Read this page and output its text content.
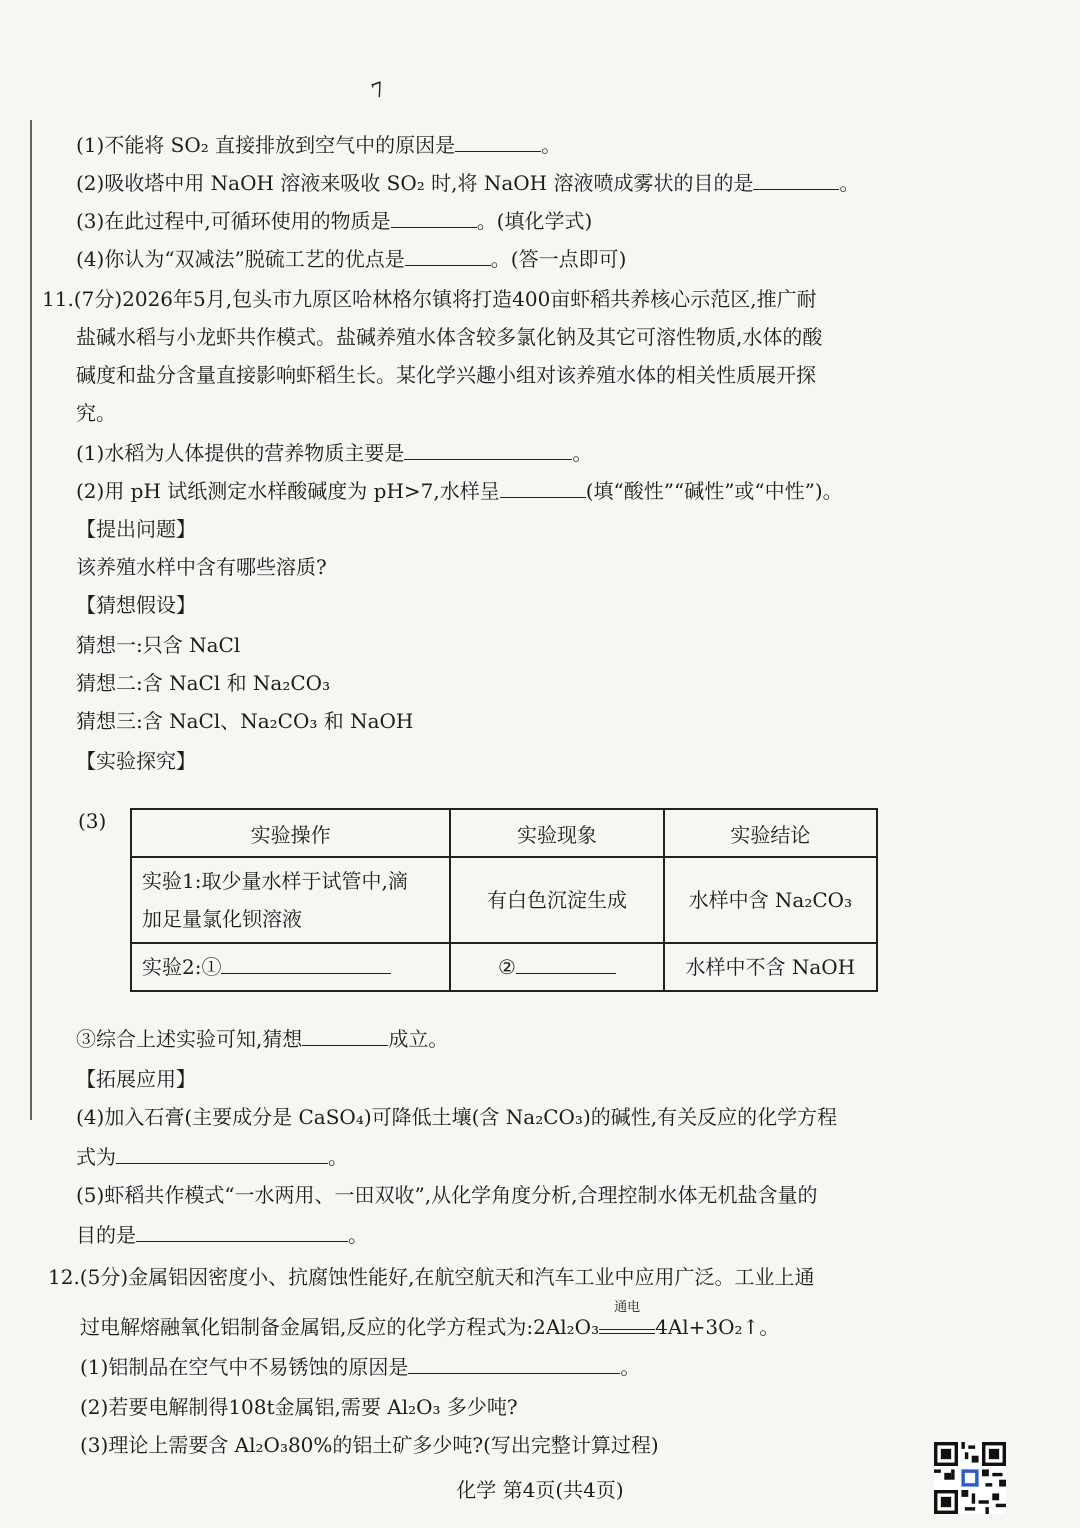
7
(1)不能将 SO₂ 直接排放到空气中的原因是	。
(2)吸收塔中用 NaOH 溶液来吸收 SO₂ 时,将 NaOH 溶液喷成雾状的目的是	。
(3)在此过程中,可循环使用的物质是	。(填化学式)
(4)你认为“双减法”脱硫工艺的优点是	。(答一点即可)
11.(7分)2026年5月,包头市九原区哈林格尔镇将打造400亩虾稻共养核心示范区,推广耐
盐碱水稻与小龙虾共作模式。盐碱养殖水体含较多氯化钠及其它可溶性物质,水体的酸
碱度和盐分含量直接影响虾稻生长。某化学兴趣小组对该养殖水体的相关性质展开探
究。
(1)水稻为人体提供的营养物质主要是	。
(2)用 pH 试纸测定水样酸碱度为 pH>7,水样呈	(填“酸性”“碱性”或“中性”)。
【提出问题】
该养殖水样中含有哪些溶质?
【猜想假设】
猜想一:只含 NaCl
猜想二:含 NaCl 和 Na₂CO₃
猜想三:含 NaCl、Na₂CO₃ 和 NaOH
【实验探究】
(3)
实验操作	实验现象	实验结论

实验1:取少量水样于试管中,滴
加足量氯化钡溶液	有白色沉淀生成	水样中含 Na₂CO₃
实验2:①	②	水样中不含 NaOH
③综合上述实验可知,猜想	成立。
【拓展应用】
(4)加入石膏(主要成分是 CaSO₄)可降低土壤(含 Na₂CO₃)的碱性,有关反应的化学方程
式为	。
(5)虾稻共作模式“一水两用、一田双收”,从化学角度分析,合理控制水体无机盐含量的
目的是	。
12.(5分)金属铝因密度小、抗腐蚀性能好,在航空航天和汽车工业中应用广泛。工业上通
过电解熔融氧化铝制备金属铝,反应的化学方程式为:2Al₂O₃
通电
4Al+3O₂↑。
(1)铝制品在空气中不易锈蚀的原因是	。
(2)若要电解制得108t金属铝,需要 Al₂O₃ 多少吨?
(3)理论上需要含 Al₂O₃80%的铝土矿多少吨?(写出完整计算过程)
化学 第4页(共4页)
